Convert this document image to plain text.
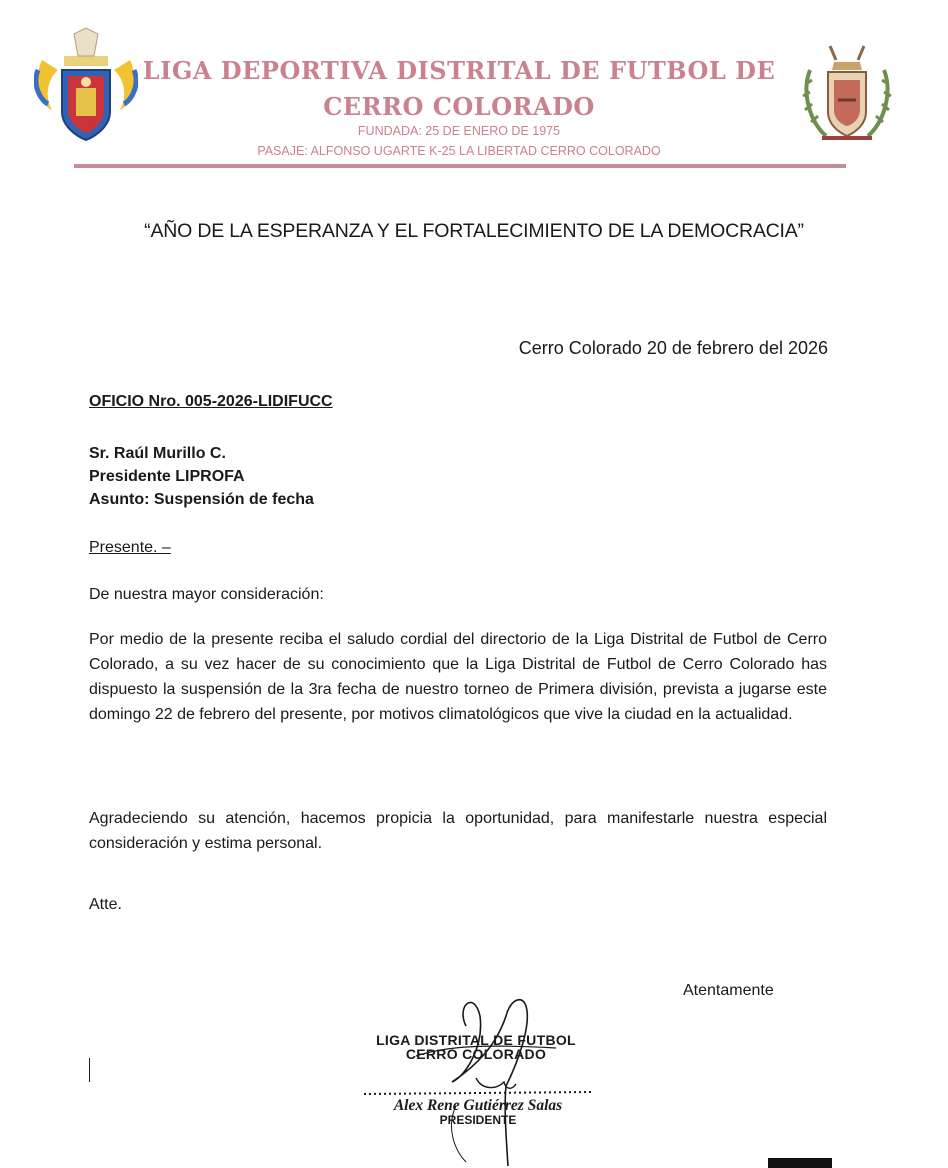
LIGA DEPORTIVA DISTRITAL DE FUTBOL DE
CERRO COLORADO
FUNDADA: 25 DE ENERO DE 1975
PASAJE: ALFONSO UGARTE K-25 LA LIBERTAD CERRO COLORADO
“AÑO DE LA ESPERANZA Y EL FORTALECIMIENTO DE LA DEMOCRACIA”
Cerro Colorado 20 de febrero del 2026
OFICIO Nro. 005-2026-LIDIFUCC
Sr. Raúl Murillo C.
Presidente LIPROFA
Asunto: Suspensión de fecha
Presente. –
De nuestra mayor consideración:
Por medio de la presente reciba el saludo cordial del directorio de la Liga Distrital de Futbol de Cerro Colorado, a su vez hacer de su conocimiento que la Liga Distrital de Futbol de Cerro Colorado has dispuesto la suspensión de la 3ra fecha de nuestro torneo de Primera división, prevista a jugarse este domingo 22 de febrero del presente, por motivos climatológicos que vive la ciudad en la actualidad.
Agradeciendo su atención, hacemos propicia la oportunidad, para manifestarle nuestra especial consideración y estima personal.
Atte.
Atentamente
LIGA DISTRITAL DE FUTBOL
CERRO COLORADO
Alex Rene Gutiérrez Salas
PRESIDENTE
